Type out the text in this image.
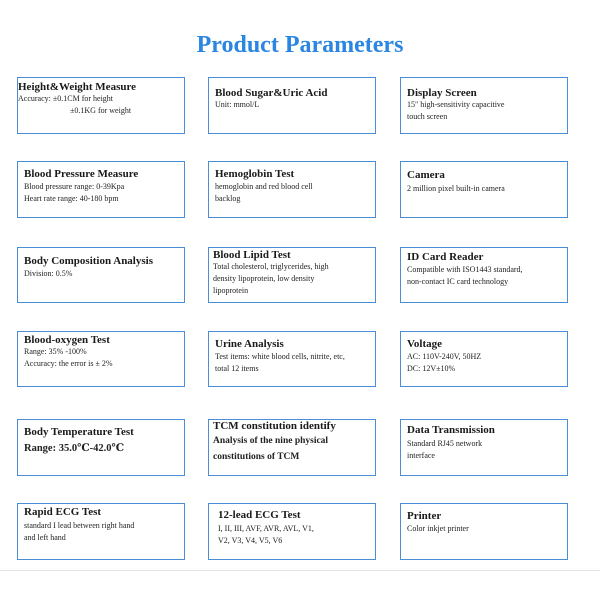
Product Parameters
Height&Weight Measure
Accuracy: ±0.1CM for height
±0.1KG for weight
Blood Sugar&Uric Acid
Unit: mmol/L
Display Screen
15" high-sensitivity capacitive
touch screen
Blood Pressure Measure
Blood pressure range: 0-39Kpa
Heart rate range: 40-180 bpm
Hemoglobin Test
hemoglobin and red blood cell
backlog
Camera
2 million pixel built-in camera
Body Composition Analysis
Division: 0.5%
Blood Lipid Test
Total cholesterol, triglycerides, high
density lipoprotein, low density
lipoprotein
ID Card Reader
Compatible with ISO1443 standard,
non-contact IC card technology
Blood-oxygen Test
Range: 35% -100%
Accuracy: the error is ± 2%
Urine Analysis
Test items: white blood cells, nitrite, etc,
total 12 items
Voltage
AC: 110V-240V, 50HZ
DC: 12V±10%
Body Temperature Test
Range: 35.0℃-42.0℃
TCM constitution identify
Analysis of the nine physical
constitutions of TCM
Data Transmission
Standard RJ45 network
interface
Rapid ECG Test
standard I lead between right hand
and left hand
12-lead ECG Test
I, II, III, AVF, AVR, AVL, V1,
V2, V3, V4, V5, V6
Printer
Color inkjet printer
